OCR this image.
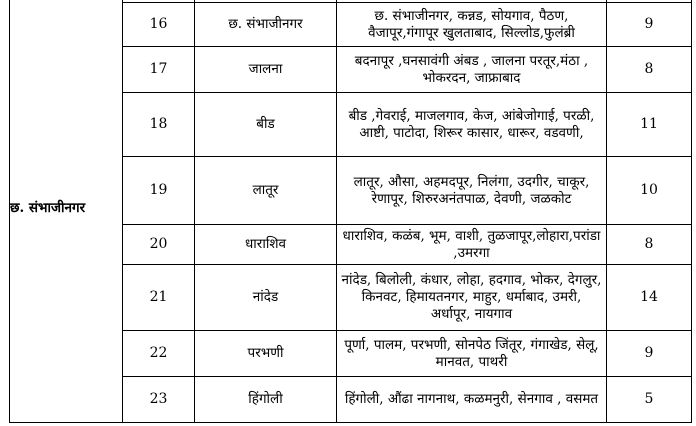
छ. संभाजीनगर				
	16	छ. संभाजीनगर	छ. संभाजीनगर, कन्नड, सोयगाव, पैठण, वैजापूर,गंगापूर खुलताबाद, सिल्लोड,फुलंब्री	9
	17	जालना	बदनापूर ,घनसावंगी अंबड , जालना परतूर,मंठा , भोकरदन, जाफ्राबाद	8
	18	बीड	बीड ,गेवराई, माजलगाव, केज, आंबेजोगाई, परळी, आष्टी, पाटोदा, शिरूर कासार, धारूर, वडवणी,	11
	19	लातूर	लातूर, औसा, अहमदपूर, निलंगा, उदगीर, चाकूर, रेणापूर, शिरुरअनंतपाळ, देवणी, जळकोट	10
	20	धाराशिव	धाराशिव, कळंब, भूम, वाशी, तुळजापूर,लोहारा,परांडा ,उमरगा	8
	21	नांदेड	नांदेड, बिलोली, कंधार, लोहा, हदगाव, भोकर, देगलुर, किनवट, हिमायतनगर, माहुर, धर्माबाद, उमरी, अर्धापूर, नायगाव	14
	22	परभणी	पूर्णा, पालम, परभणी, सोनपेठ जिंतूर, गंगाखेड, सेलू, मानवत, पाथरी	9
	23	हिंगोली	हिंगोली, औंढा नागनाथ, कळमनुरी, सेनगाव , वसमत	5
